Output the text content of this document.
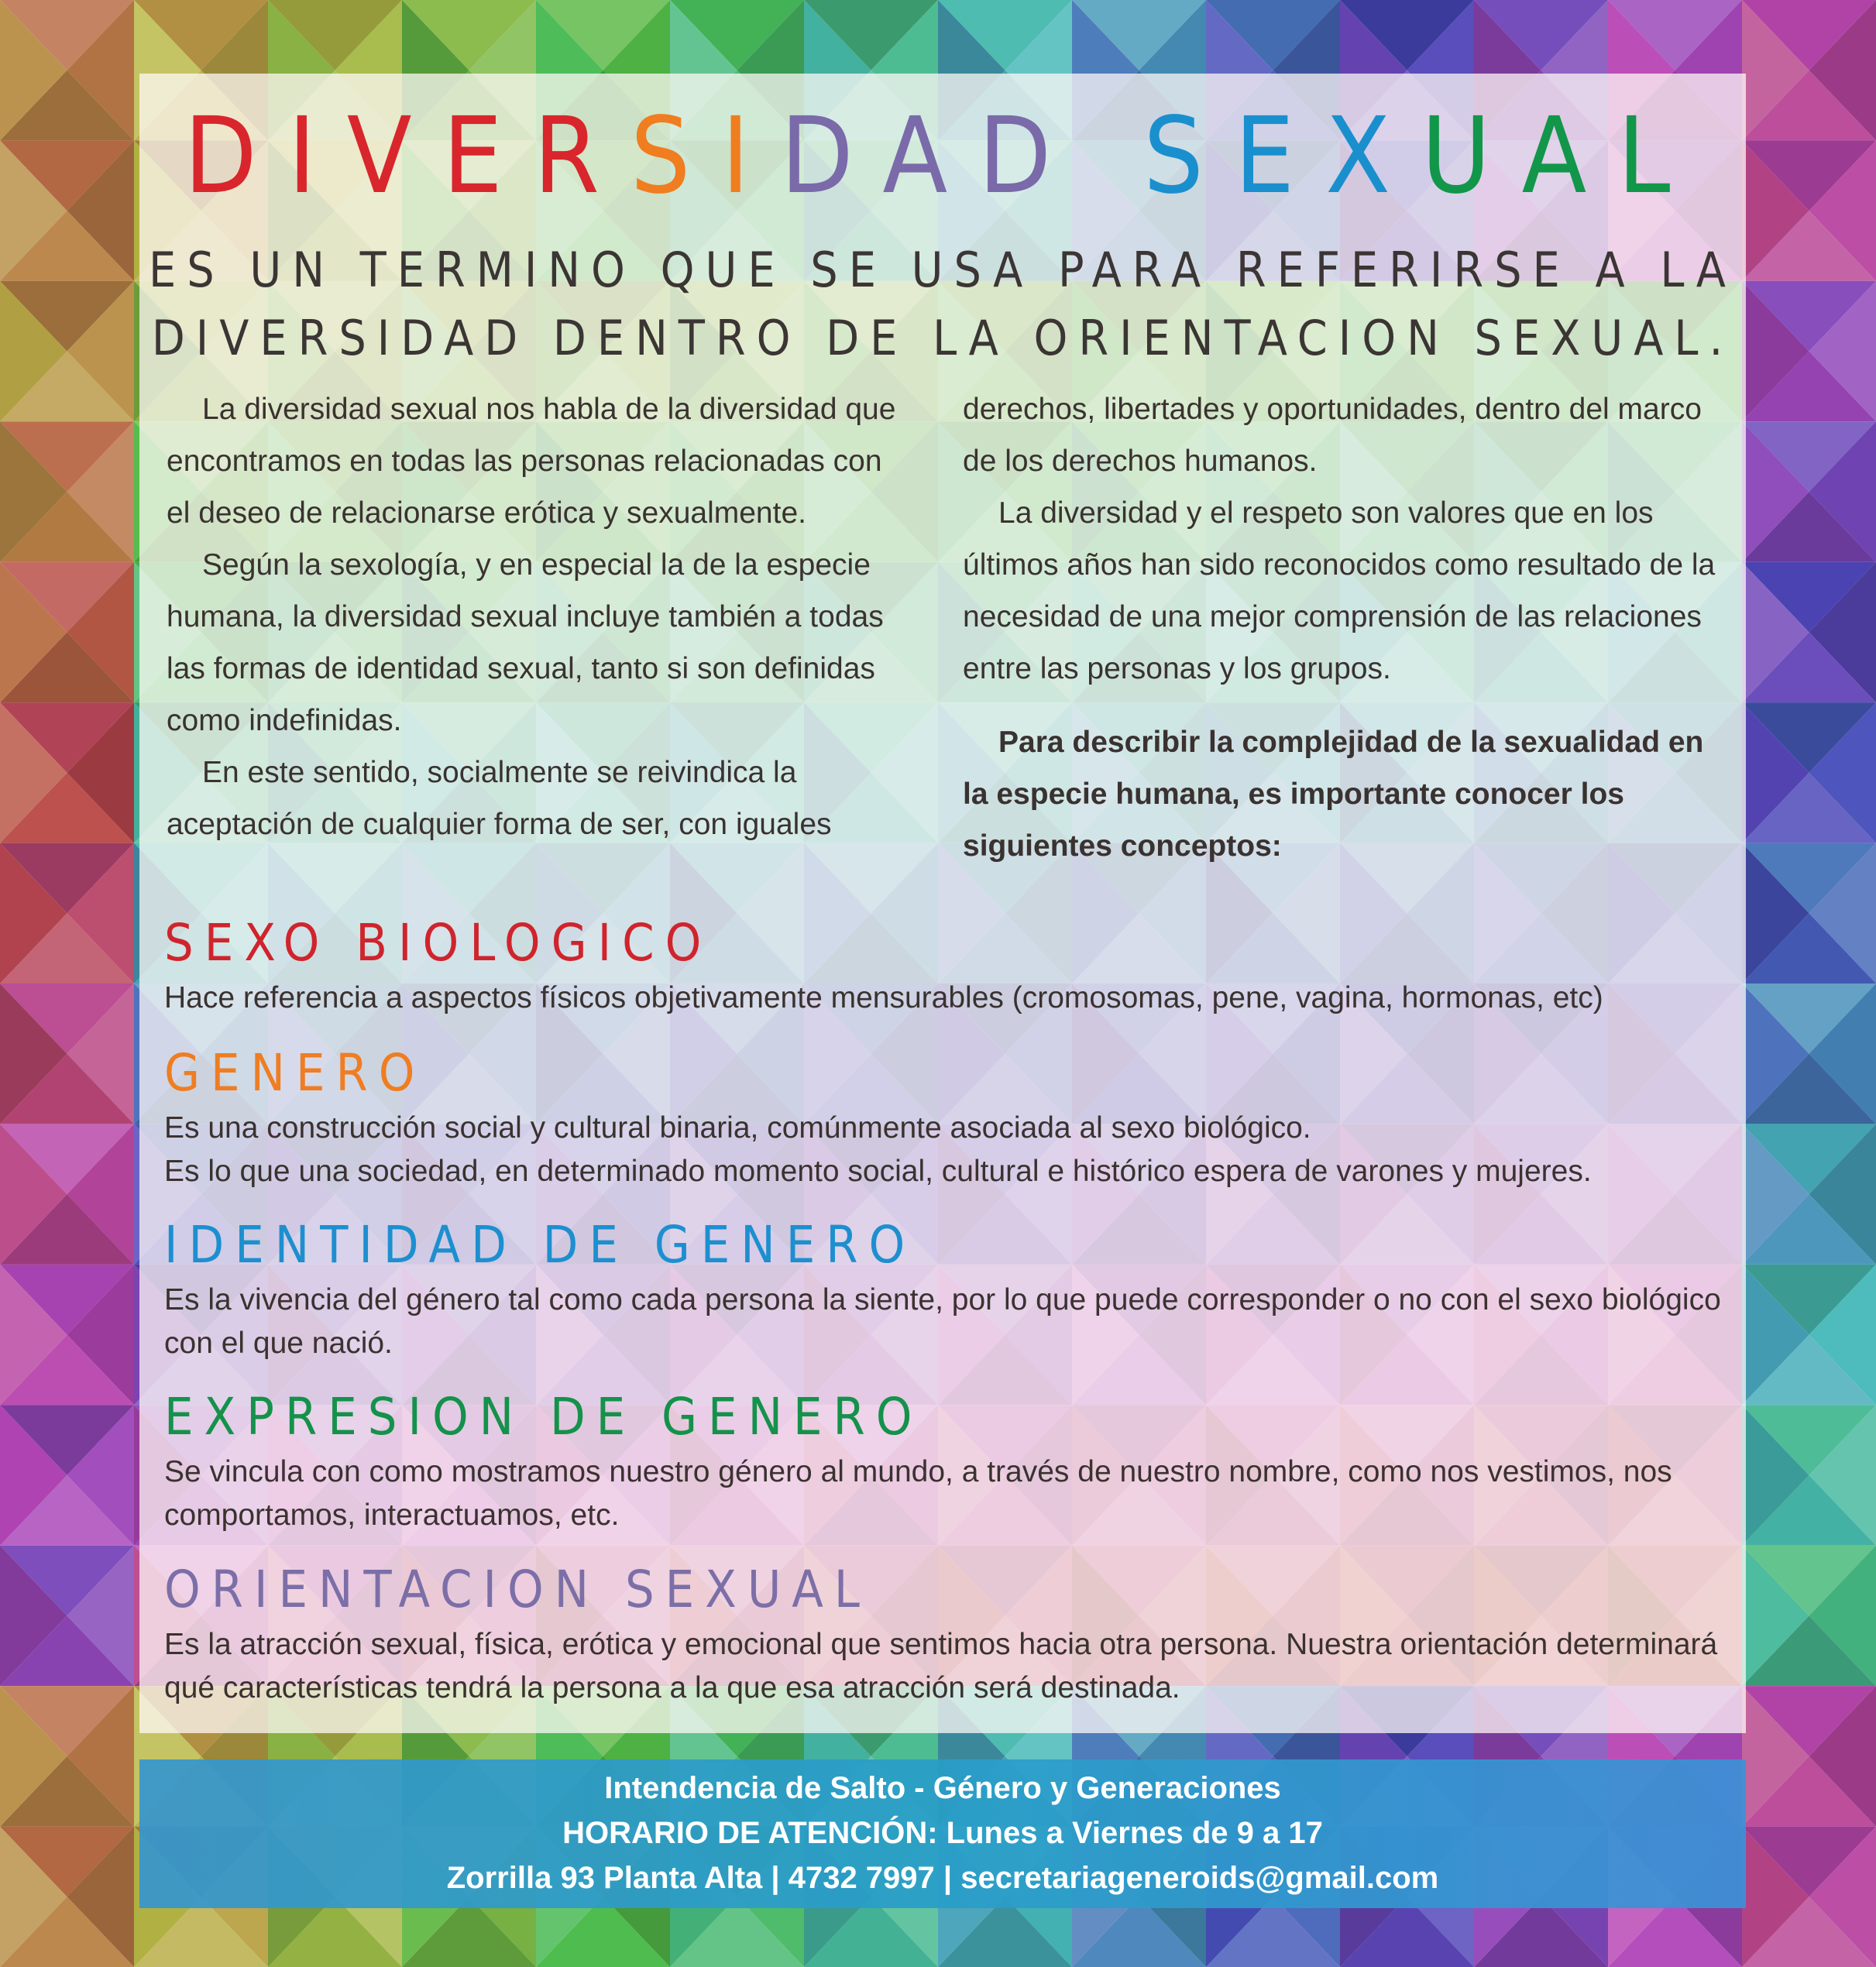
DIVERSIDAD SEXUAL
ES UN TERMINO QUE SE USA PARA REFERIRSE A LA
DIVERSIDAD DENTRO DE LA ORIENTACION SEXUAL.

La diversidad sexual nos habla de la diversidad que encontramos en todas las personas relacionadas con el deseo de relacionarse erótica y sexualmente.

Según la sexología, y en especial la de la especie humana, la diversidad sexual incluye también a todas las formas de identidad sexual, tanto si son definidas como indefinidas.

En este sentido, socialmente se reivindica la aceptación de cualquier forma de ser, con iguales

derechos, libertades y oportunidades, dentro del marco de los derechos humanos.

La diversidad y el respeto son valores que en los últimos años han sido reconocidos como resultado de la necesidad de una mejor comprensión de las relaciones entre las personas y los grupos.

Para describir la complejidad de la sexualidad en la especie humana, es importante conocer los siguientes conceptos:

SEXO BIOLOGICO

Hace referencia a aspectos físicos objetivamente mensurables (cromosomas, pene, vagina, hormonas, etc)

GENERO

Es una construcción social y cultural binaria, comúnmente asociada al sexo biológico.

Es lo que una sociedad, en determinado momento social, cultural e histórico espera de varones y mujeres.

IDENTIDAD DE GENERO

Es la vivencia del género tal como cada persona la siente, por lo que puede corresponder o no con el sexo biológico con el que nació.

EXPRESION DE GENERO

Se vincula con como mostramos nuestro género al mundo, a través de nuestro nombre, como nos vestimos, nos comportamos, interactuamos, etc.

ORIENTACION SEXUAL

Es la atracción sexual, física, erótica y emocional que sentimos hacia otra persona. Nuestra orientación determinará qué características tendrá la persona a la que esa atracción será destinada.

Intendencia de Salto - Género y Generaciones
HORARIO DE ATENCIÓN: Lunes a Viernes de 9 a 17
Zorrilla 93 Planta Alta | 4732 7997 | secretariageneroids@gmail.com
